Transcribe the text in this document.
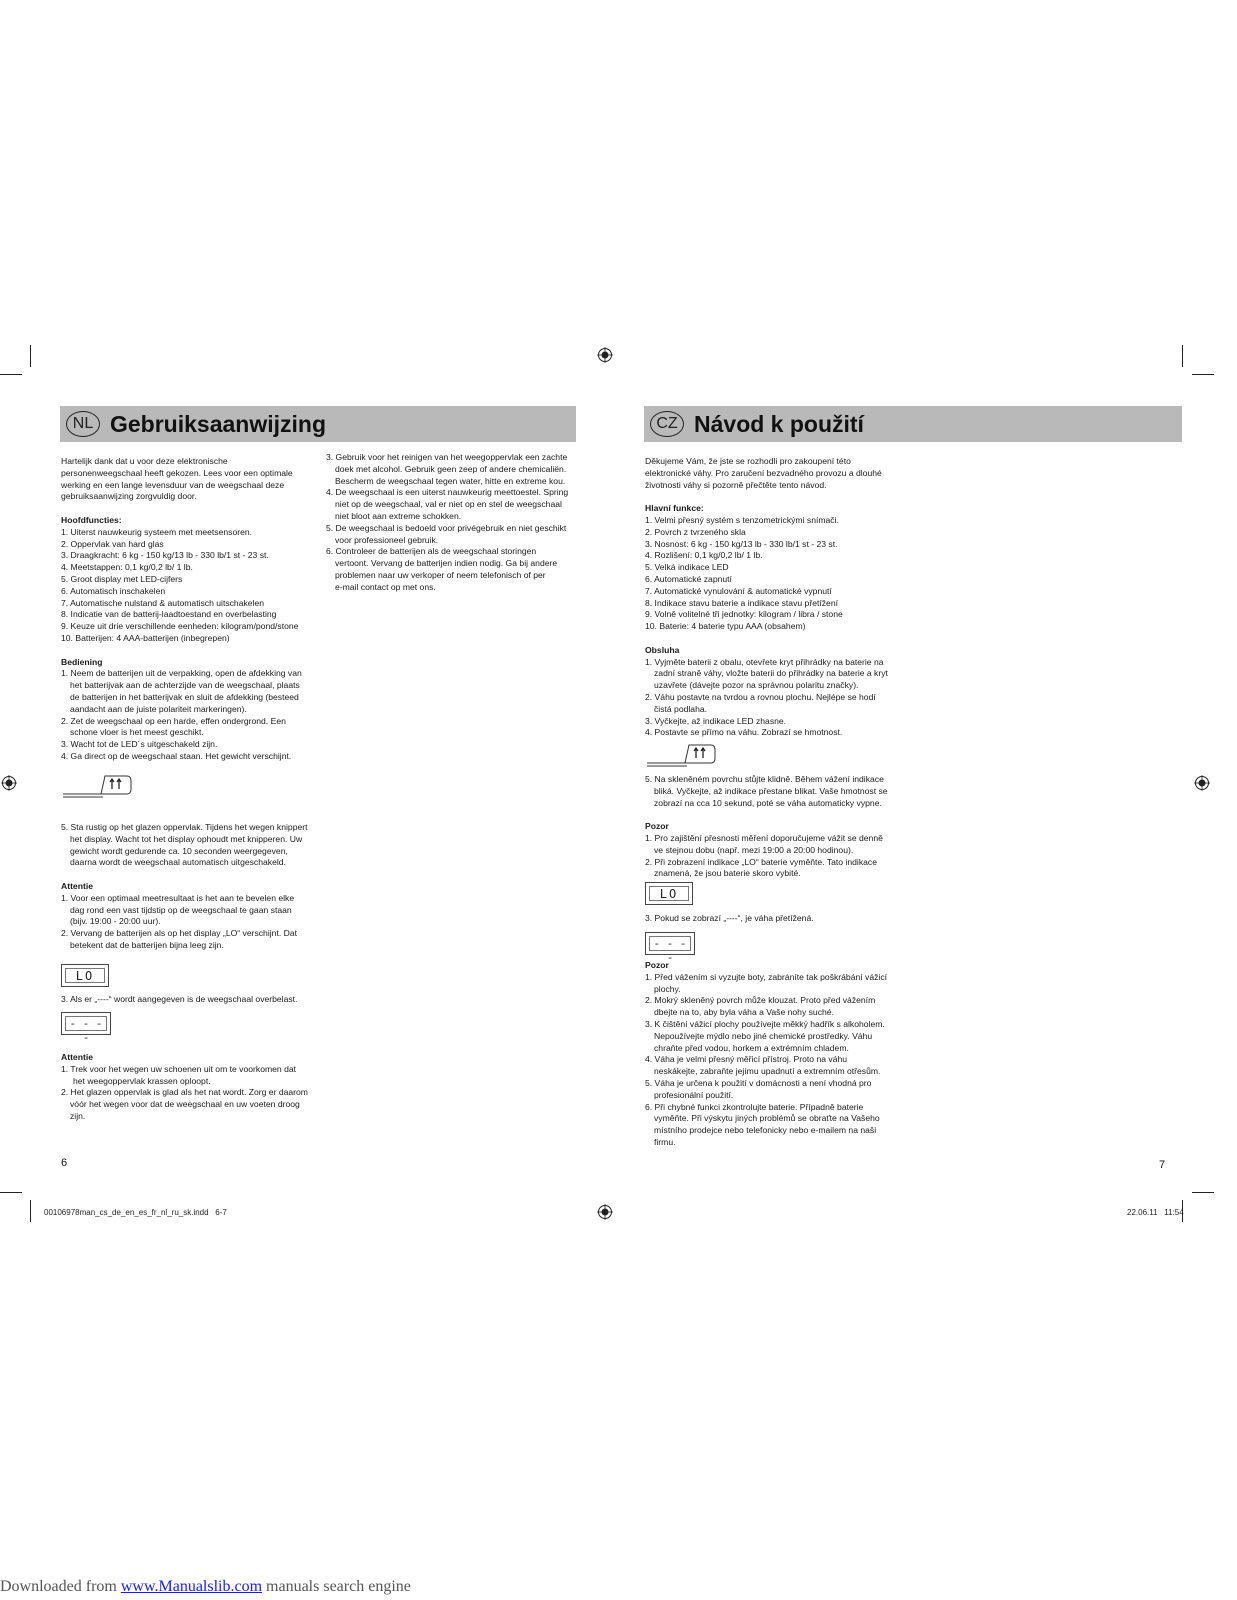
NL Gebruiksaanwijzing	CZ Návod k použití

Hartelijk dank dat u voor deze elektronische

personenweegschaal heeft gekozen. Lees voor een optimale

werking en een lange levensduur van de weegschaal deze

gebruiksaanwijzing zorgvuldig door.

Hoofdfuncties:

1. Uiterst nauwkeurig systeem met meetsensoren.

2. Oppervlak van hard glas

3. Draagkracht: 6 kg - 150 kg/13 lb - 330 lb/1 st - 23 st.

4. Meetstappen: 0,1 kg/0,2 lb/ 1 lb.

5. Groot display met LED-cijfers

6. Automatisch inschakelen

7. Automatische nulstand & automatisch uitschakelen

8. Indicatie van de batterij-laadtoestand en overbelasting

9. Keuze uit drie verschillende eenheden: kilogram/pond/stone

10. Batterijen: 4 AAA-batterijen (inbegrepen)

Bediening

1. Neem de batterijen uit de verpakking, open de afdekking van

het batterijvak aan de achterzijde van de weegschaal, plaats

de batterijen in het batterijvak en sluit de afdekking (besteed

aandacht aan de juiste polariteit markeringen).

2. Zet de weegschaal op een harde, effen ondergrond. Een

schone vloer is het meest geschikt.

3. Wacht tot de LED´s uitgeschakeld zijn.

4. Ga direct op de weegschaal staan. Het gewicht verschijnt.

5. Sta rustig op het glazen oppervlak. Tijdens het wegen knippert

het display. Wacht tot het display ophoudt met knipperen. Uw

gewicht wordt gedurende ca. 10 seconden weergegeven,

daarna wordt de weegschaal automatisch uitgeschakeld.

Attentie

1. Voor een optimaal meetresultaat is het aan te bevelen elke

dag rond een vast tijdstip op de weegschaal te gaan staan

(bijv. 19:00 - 20:00 uur).

2. Vervang de batterijen als op het display „LO“ verschijnt. Dat

betekent dat de batterijen bijna leeg zijn.

LO

3. Als er „----“ wordt aangegeven is de weegschaal overbelast.

- - - -

Attentie

1. Trek voor het wegen uw schoenen uit om te voorkomen dat

het weegoppervlak krassen oploopt.

2. Het glazen oppervlak is glad als het nat wordt. Zorg er daarom

vóór het wegen voor dat de weegschaal en uw voeten droog

zijn.

6

3. Gebruik voor het reinigen van het weegoppervlak een zachte

doek met alcohol. Gebruik geen zeep of andere chemicaliën.

Bescherm de weegschaal tegen water, hitte en extreme kou.

4. De weegschaal is een uiterst nauwkeurig meettoestel. Spring

niet op de weegschaal, val er niet op en stel de weegschaal

niet bloot aan extreme schokken.

5. De weegschaal is bedoeld voor privégebruik en niet geschikt

voor professioneel gebruik.

6. Controleer de batterijen als de weegschaal storingen

vertoont. Vervang de batterijen indien nodig. Ga bij andere

problemen naar uw verkoper of neem telefonisch of per

e-mail contact op met ons.

Děkujeme Vám, že jste se rozhodli pro zakoupení této

elektronické váhy. Pro zaručení bezvadného provozu a dlouhé

životnosti váhy si pozorně přečtěte tento návod.

Hlavní funkce:

1. Velmi přesný systém s tenzometrickými snímači.

2. Povrch z tvrzeného skla

3. Nosnost: 6 kg - 150 kg/13 lb - 330 lb/1 st - 23 st.

4. Rozlišení: 0,1 kg/0,2 lb/ 1 lb.

5. Velká indikace LED

6. Automatické zapnutí

7. Automatické vynulování & automatické vypnutí

8. Indikace stavu baterie a indikace stavu přetížení

9. Volně volitelné tři jednotky: kilogram / libra / stone

10. Baterie: 4 baterie typu AAA (obsahem)

Obsluha

1. Vyjměte baterii z obalu, otevřete kryt přihrádky na baterie na

zadní straně váhy, vložte baterii do přihrádky na baterie a kryt

uzavřete (dávejte pozor na správnou polaritu značky).

2. Váhu postavte na tvrdou a rovnou plochu. Nejlépe se hodí

čistá podlaha.

3. Vyčkejte, až indikace LED zhasne.

4. Postavte se přímo na váhu. Zobrazí se hmotnost.

5. Na skleněném povrchu stůjte klidně. Během vážení indikace

bliká. Vyčkejte, až indikace přestane blikat. Vaše hmotnost se

zobrazí na cca 10 sekund, poté se váha automaticky vypne.

Pozor

1. Pro zajištění přesnosti měření doporučujeme vážit se denně

ve stejnou dobu (např. mezi 19:00 a 20:00 hodinou).

2. Při zobrazení indikace „LO“ baterie vyměňte. Tato indikace

znamená, že jsou baterie skoro vybité.

LO

3. Pokud se zobrazí „----“, je váha přetížená.

- - - -

Pozor

1. Před vážením si vyzujte boty, zabráníte tak poškrábání vážicí

plochy.

2. Mokrý skleněný povrch může klouzat. Proto před vážením

dbejte na to, aby byla váha a Vaše nohy suché.

3. K čištění vážicí plochy používejte měkký hadřík s alkoholem.

Nepoužívejte mýdlo nebo jiné chemické prostředky. Váhu

chraňte před vodou, horkem a extrémním chladem.

4. Váha je velmi přesný měřicí přístroj. Proto na váhu

neskákejte, zabraňte jejímu upadnutí a extremním otřesům.

5. Váha je určena k použití v domácnosti a není vhodná pro

profesionální použití.

6. Při chybné funkci zkontrolujte baterie. Případně baterie

vyměňte. Při výskytu jiných problémů se obraťte na Vašeho

místního prodejce nebo telefonicky nebo e-mailem na naši

firmu.

7
00106978man_cs_de_en_es_fr_nl_ru_sk.indd   6-7	22.06.11   11:54
Downloaded from www.Manualslib.com manuals search engine
